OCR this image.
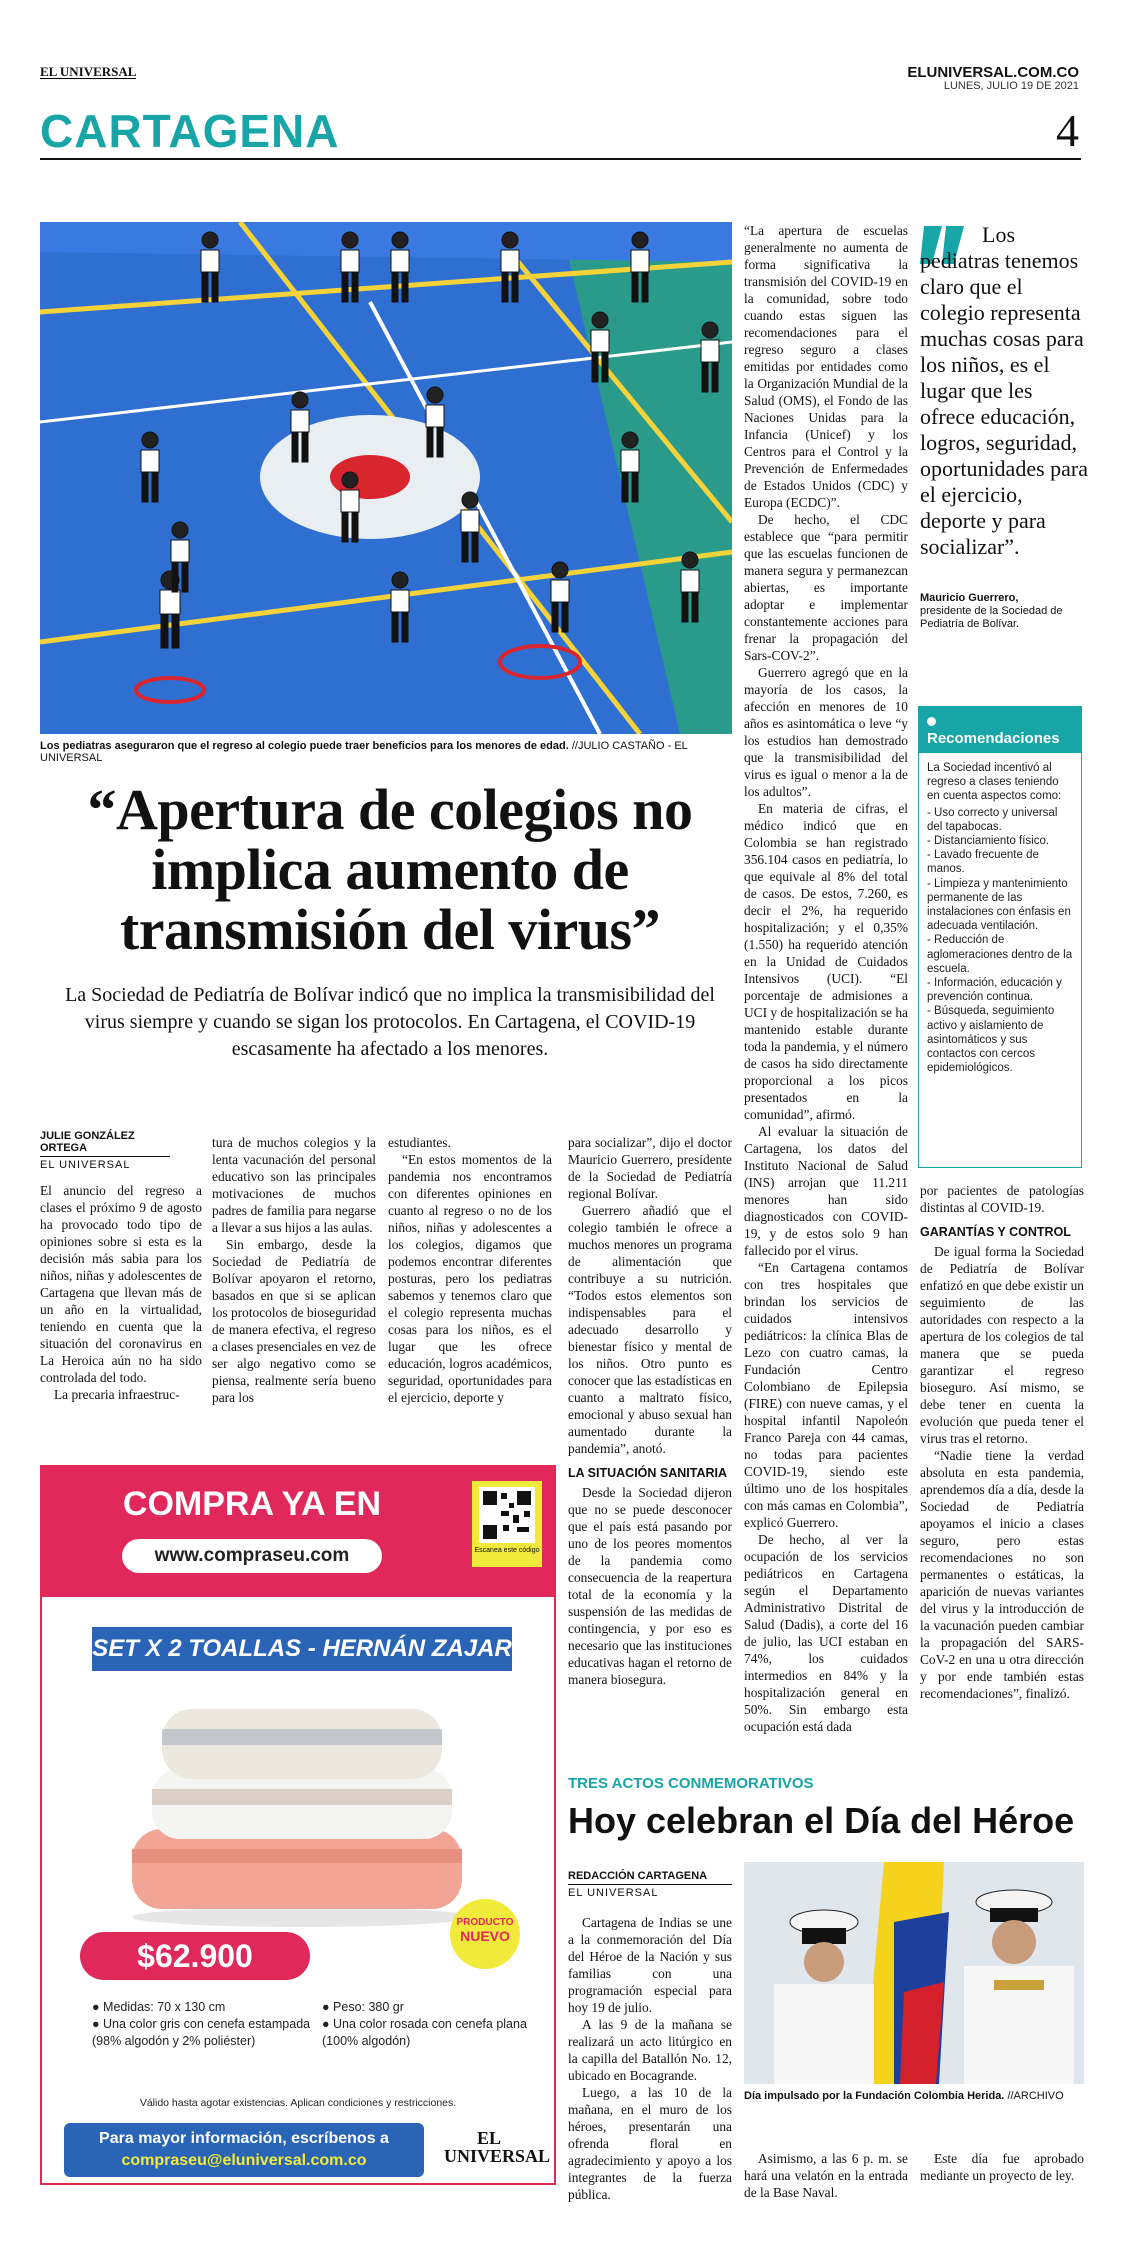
EL UNIVERSAL	ELUNIVERSAL.COM.CO
LUNES, JULIO 19 DE 2021
CARTAGENA	4
Los pediatras aseguraron que el regreso al colegio puede traer beneficios para los menores de edad. //JULIO CASTAÑO - EL UNIVERSAL
“Apertura de colegios no implica aumento de transmisión del virus”
La Sociedad de Pediatría de Bolívar indicó que no implica la transmisibilidad del virus siempre y cuando se sigan los protocolos. En Cartagena, el COVID-19 escasamente ha afectado a los menores.
JULIE GONZÁLEZ ORTEGA
EL UNIVERSAL

El anuncio del regreso a clases el próximo 9 de agosto ha provocado todo tipo de opiniones sobre si esta es la decisión más sabia para los niños, niñas y adolescentes de Cartagena que llevan más de un año en la virtualidad, teniendo en cuenta que la situación del coronavirus en La Heroica aún no ha sido controlada del todo.

La precaria infraestruc-

tura de muchos colegios y la lenta vacunación del personal educativo son las principales motivaciones de muchos padres de familia para negarse a llevar a sus hijos a las aulas.

Sin embargo, desde la Sociedad de Pediatría de Bolívar apoyaron el retorno, basados en que si se aplican los protocolos de bioseguridad de manera efectiva, el regreso a clases presenciales en vez de ser algo negativo como se piensa, realmente sería bueno para los

estudiantes.

“En estos momentos de la pandemia nos encontramos con diferentes opiniones en cuanto al regreso o no de los niños, niñas y adolescentes a los colegios, digamos que podemos encontrar diferentes posturas, pero los pediatras sabemos y tenemos claro que el colegio representa muchas cosas para los niños, es el lugar que les ofrece educación, logros académicos, seguridad, oportunidades para el ejercicio, deporte y

para socializar”, dijo el doctor Mauricio Guerrero, presidente de la Sociedad de Pediatría regional Bolívar.

Guerrero añadió que el colegio también le ofrece a muchos menores un programa de alimentación que contribuye a su nutrición. “Todos estos elementos son indispensables para el adecuado desarrollo y bienestar físico y mental de los niños. Otro punto es conocer que las estadísticas en cuanto a maltrato físico, emocional y abuso sexual han aumentado durante la pandemia”, anotó.

LA SITUACIÓN SANITARIA

Desde la Sociedad dijeron que no se puede desconocer que el país está pasando por uno de los peores momentos de la pandemia como consecuencia de la reapertura total de la economía y la suspensión de las medidas de contingencia, y por eso es necesario que las instituciones educativas hagan el retorno de manera biosegura.

“La apertura de escuelas generalmente no aumenta de forma significativa la transmisión del COVID-19 en la comunidad, sobre todo cuando estas siguen las recomendaciones para el regreso seguro a clases emitidas por entidades como la Organización Mundial de la Salud (OMS), el Fondo de las Naciones Unidas para la Infancia (Unicef) y los Centros para el Control y la Prevención de Enfermedades de Estados Unidos (CDC) y Europa (ECDC)”.

De hecho, el CDC establece que “para permitir que las escuelas funcionen de manera segura y permanezcan abiertas, es importante adoptar e implementar constantemente acciones para frenar la propagación del Sars-COV-2”.

Guerrero agregó que en la mayoría de los casos, la afección en menores de 10 años es asintomática o leve “y los estudios han demostrado que la transmisibilidad del virus es igual o menor a la de los adultos”.

En materia de cifras, el médico indicó que en Colombia se han registrado 356.104 casos en pediatría, lo que equivale al 8% del total de casos. De estos, 7.260, es decir el 2%, ha requerido hospitalización; y el 0,35% (1.550) ha requerido atención en la Unidad de Cuidados Intensivos (UCI). “El porcentaje de admisiones a UCI y de hospitalización se ha mantenido estable durante toda la pandemia, y el número de casos ha sido directamente proporcional a los picos presentados en la comunidad”, afirmó.

Al evaluar la situación de Cartagena, los datos del Instituto Nacional de Salud (INS) arrojan que 11.211 menores han sido diagnosticados con COVID-19, y de estos solo 9 han fallecido por el virus.

“En Cartagena contamos con tres hospitales que brindan los servicios de cuidados intensivos pediátricos: la clínica Blas de Lezo con cuatro camas, la Fundación Centro Colombiano de Epilepsia (FIRE) con nueve camas, y el hospital infantil Napoleón Franco Pareja con 44 camas, no todas para pacientes COVID-19, siendo este último uno de los hospitales con más camas en Colombia”, explicó Guerrero.

De hecho, al ver la ocupación de los servicios pediátricos en Cartagena según el Departamento Administrativo Distrital de Salud (Dadis), a corte del 16 de julio, las UCI estaban en 74%, los cuidados intermedios en 84% y la hospitalización general en 50%. Sin embargo esta ocupación está dada

por pacientes de patologías distintas al COVID-19.

GARANTÍAS Y CONTROL

De igual forma la Sociedad de Pediatría de Bolívar enfatizó en que debe existir un seguimiento de las autoridades con respecto a la apertura de los colegios de tal manera que se pueda garantizar el regreso biosegurο. Así mismo, se debe tener en cuenta la evolución que pueda tener el virus tras el retorno.

“Nadie tiene la verdad absoluta en esta pandemia, aprendemos día a día, desde la Sociedad de Pediatría apoyamos el inicio a clases seguro, pero estas recomendaciones no son permanentes o estáticas, la aparición de nuevas variantes del virus y la introducción de la vacunación pueden cambiar la propagación del SARS-CoV-2 en una u otra dirección y por ende también estas recomendaciones”, finalizó.

Los pediatras tenemos claro que el colegio representa muchas cosas para los niños, es el lugar que les ofrece educación, logros, seguridad, oportunidades para el ejercicio, deporte y para socializar”.
Mauricio Guerrero,
presidente de la Sociedad de Pediatría de Bolívar.
Recomendaciones
La Sociedad incentivó al regreso a clases teniendo en cuenta aspectos como:
- Uso correcto y universal del tapabocas.
- Distanciamiento físico.
- Lavado frecuente de manos.
- Limpieza y mantenimiento permanente de las instalaciones con énfasis en adecuada ventilación.
- Reducción de aglomeraciones dentro de la escuela.
- Información, educación y prevención continua.
- Búsqueda, seguimiento activo y aislamiento de asintomáticos y sus contactos con cercos epidemiológicos.
COMPRA YA EN
www.compraseu.com	Escanea este código
SET X 2 TOALLAS - HERNÁN ZAJAR
$62.900
PRODUCTO
NUEVO
● Medidas: 70 x 130 cm
● Una color gris con cenefa estampada (98% algodón y 2% poliéster)
● Peso: 380 gr
● Una color rosada con cenefa plana (100% algodón)
Válido hasta agotar existencias. Aplican condiciones y restricciones.
Para mayor información, escríbenos a
compraseu@eluniversal.com.co
EL UNIVERSAL
TRES ACTOS CONMEMORATIVOS
Hoy celebran el Día del Héroe
REDACCIÓN CARTAGENA
EL UNIVERSAL

Cartagena de Indias se une a la conmemoración del Día del Héroe de la Nación y sus familias con una programación especial para hoy 19 de julio.

A las 9 de la mañana se realizará un acto litúrgico en la capilla del Batallón No. 12, ubicado en Bocagrande.

Luego, a las 10 de la mañana, en el muro de los héroes, presentarán una ofrenda floral en agradecimiento y apoyo a los integrantes de la fuerza pública.

Día impulsado por la Fundación Colombia Herida. //ARCHIVO

Asimismo, a las 6 p. m. se hará una velatón en la entrada de la Base Naval.

Este día fue aprobado mediante un proyecto de ley.
